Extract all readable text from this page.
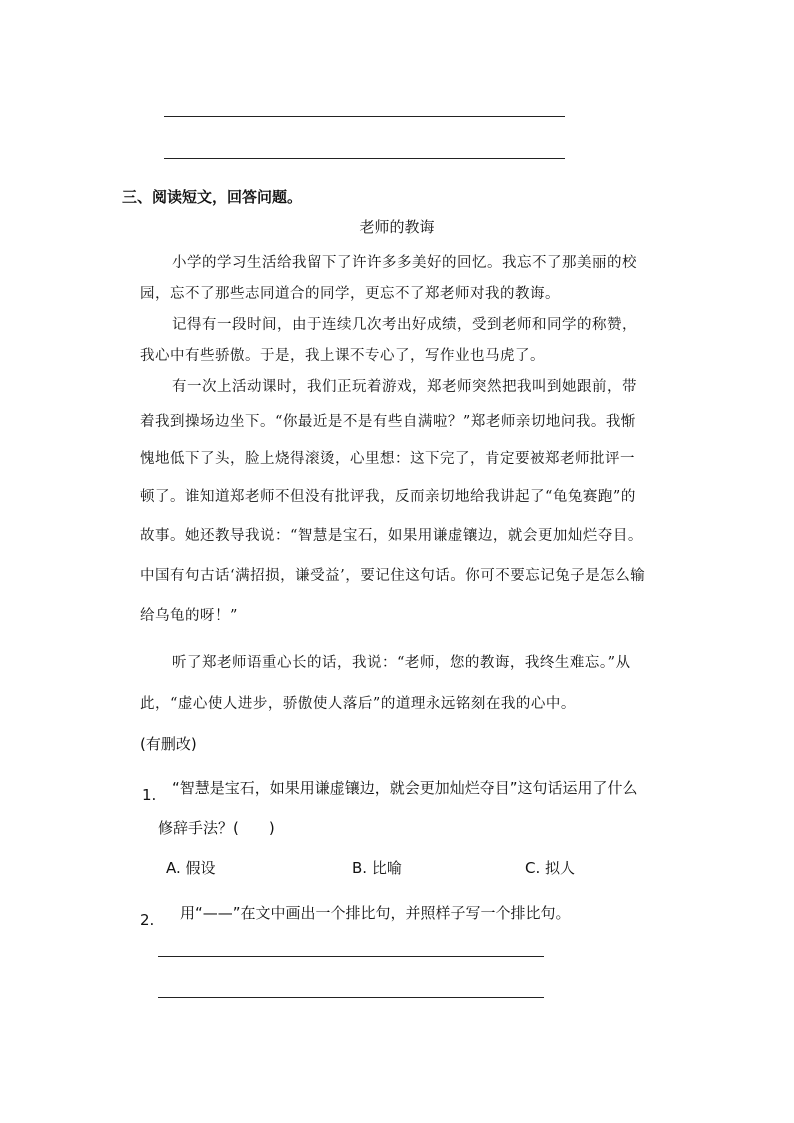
三、阅读短文，回答问题。
老师的教诲
小学的学习生活给我留下了许许多多美好的回忆。我忘不了那美丽的校
园，忘不了那些志同道合的同学，更忘不了郑老师对我的教诲。
记得有一段时间，由于连续几次考出好成绩，受到老师和同学的称赞，
我心中有些骄傲。于是，我上课不专心了，写作业也马虎了。
有一次上活动课时，我们正玩着游戏，郑老师突然把我叫到她跟前，带
着我到操场边坐下。“你最近是不是有些自满啦？”郑老师亲切地问我。我惭
愧地低下了头，脸上烧得滚烫，心里想：这下完了，肯定要被郑老师批评一
顿了。谁知道郑老师不但没有批评我，反而亲切地给我讲起了“龟兔赛跑”的
故事。她还教导我说：“智慧是宝石，如果用谦虚镶边，就会更加灿烂夺目。
中国有句古话‘满招损，谦受益’，要记住这句话。你可不要忘记兔子是怎么输
给乌龟的呀！”
听了郑老师语重心长的话，我说：“老师，您的教诲，我终生难忘。”从
此，“虚心使人进步，骄傲使人落后”的道理永远铭刻在我的心中。
(有删改)
1. “智慧是宝石，如果用谦虚镶边，就会更加灿烂夺目”这句话运用了什么
修辞手法？(　　)
A. 假设	B. 比喻	C. 拟人
2. 用“——”在文中画出一个排比句，并照样子写一个排比句。
